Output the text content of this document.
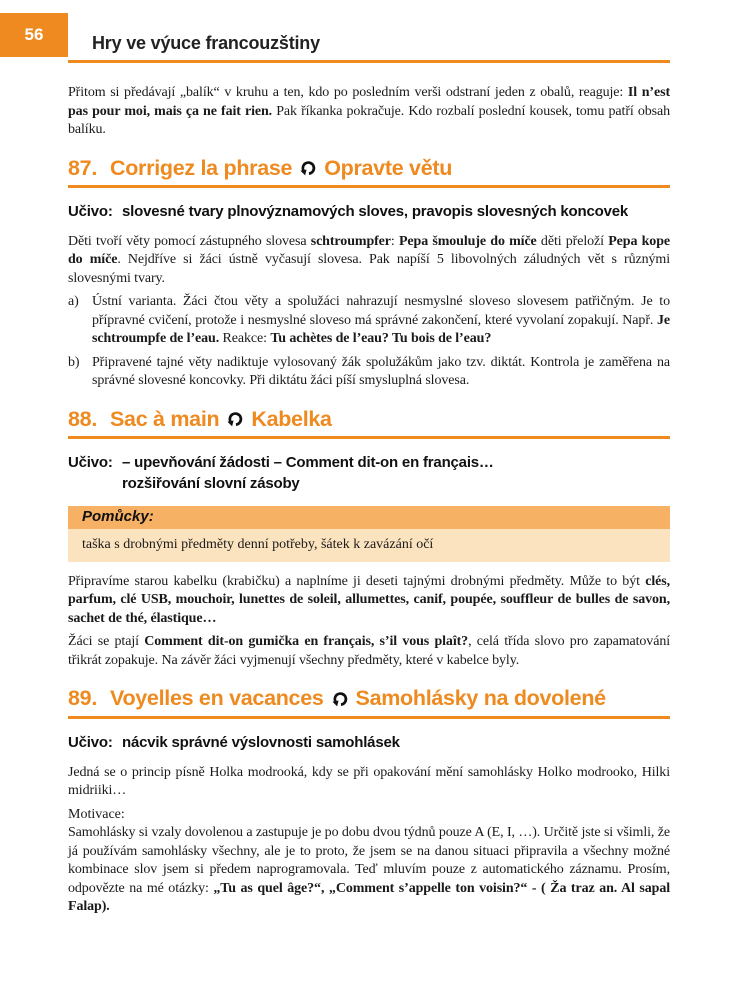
56	Hry ve výuce francouzštiny

Přitom si předávají „balík“ v kruhu a ten, kdo po posledním verši odstraní jeden z obalů, reaguje: Il n’est pas pour moi, mais ça ne fait rien. Pak říkanka pokračuje. Kdo rozbalí poslední kousek, tomu patří obsah balíku.

87. Corrigez la phrase Opravte větu
Učivo: slovesné tvary plnovýznamových sloves, pravopis slovesných koncovek

Děti tvoří věty pomocí zástupného slovesa schtroumpfer: Pepa šmouluje do míče děti přeloží Pepa kope do míče. Nejdříve si žáci ústně vyčasují slovesa. Pak napíší 5 libovolných záludných vět s různými slovesnými tvary.

a) Ústní varianta. Žáci čtou věty a spolužáci nahrazují nesmyslné sloveso slovesem patřičným. Je to přípravné cvičení, protože i nesmyslné sloveso má správné zakončení, které vyvolaní zopakují. Např. Je schtroumpfe de l’eau. Reakce: Tu achètes de l’eau? Tu bois de l’eau?
b) Připravené tajné věty nadiktuje vylosovaný žák spolužákům jako tzv. diktát. Kontrola je zaměřena na správné slovesné koncovky. Při diktátu žáci píší smysluplná slovesa.
88. Sac à main Kabelka
Učivo: – upevňování žádosti – Comment dit-on en français…
rozšiřování slovní zásoby
Pomůcky:
taška s drobnými předměty denní potřeby, šátek k zavázání očí

Připravíme starou kabelku (krabičku) a naplníme ji deseti tajnými drobnými předměty. Může to být clés, parfum, clé USB, mouchoir, lunettes de soleil, allumettes, canif, poupée, souffleur de bulles de savon, sachet de thé, élastique…

Žáci se ptají Comment dit-on gumička en français, s’il vous plaît?, celá třída slovo pro zapamatování třikrát zopakuje. Na závěr žáci vyjmenují všechny předměty, které v kabelce byly.

89. Voyelles en vacances Samohlásky na dovolené
Učivo: nácvik správné výslovnosti samohlásek

Jedná se o princip písně Holka modrooká, kdy se při opakování mění samohlásky Holko modrooko, Hilki midriiki…

Motivace:

Samohlásky si vzaly dovolenou a zastupuje je po dobu dvou týdnů pouze A (E, I, …). Určitě jste si všimli, že já používám samohlásky všechny, ale je to proto, že jsem se na danou situaci připravila a všechny možné kombinace slov jsem si předem naprogramovala. Teď mluvím pouze z automatického záznamu. Prosím, odpovězte na mé otázky: „Tu as quel âge?“, „Comment s’appelle ton voisin?“ - ( Ža traz an. Al sapal Falap).
